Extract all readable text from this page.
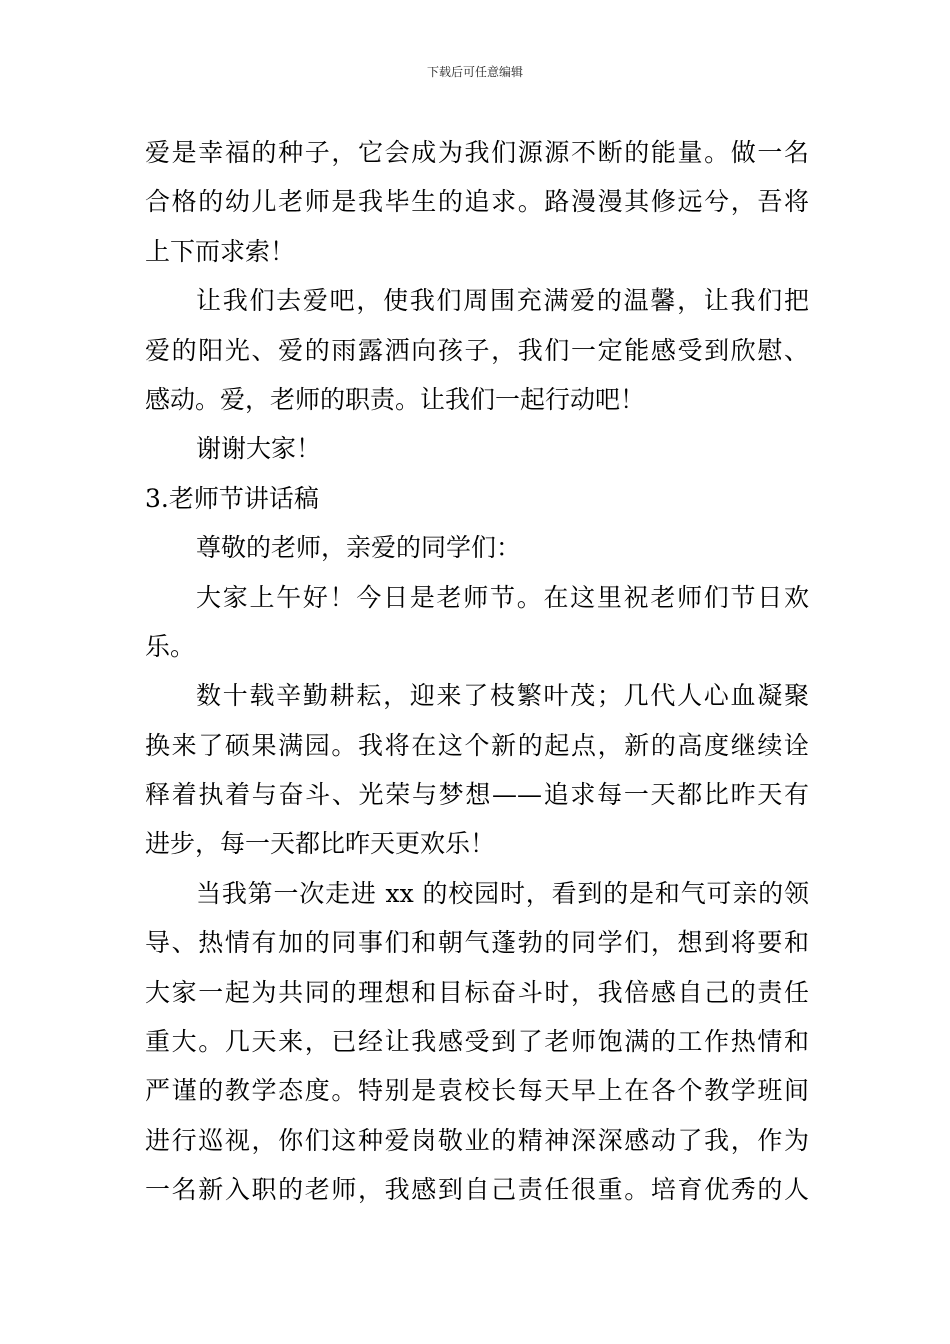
下载后可任意编辑
爱是幸福的种子，它会成为我们源源不断的能量。做一名
合格的幼儿老师是我毕生的追求。路漫漫其修远兮，吾将
上下而求索！
让我们去爱吧，使我们周围充满爱的温馨，让我们把
爱的阳光、爱的雨露洒向孩子，我们一定能感受到欣慰、
感动。爱，老师的职责。让我们一起行动吧！
谢谢大家！
3.老师节讲话稿
尊敬的老师，亲爱的同学们：
大家上午好！今日是老师节。在这里祝老师们节日欢
乐。
数十载辛勤耕耘，迎来了枝繁叶茂；几代人心血凝聚
换来了硕果满园。我将在这个新的起点，新的高度继续诠
释着执着与奋斗、光荣与梦想——追求每一天都比昨天有
进步，每一天都比昨天更欢乐！
当我第一次走进 xx 的校园时，看到的是和气可亲的领
导、热情有加的同事们和朝气蓬勃的同学们，想到将要和
大家一起为共同的理想和目标奋斗时，我倍感自己的责任
重大。几天来，已经让我感受到了老师饱满的工作热情和
严谨的教学态度。特别是袁校长每天早上在各个教学班间
进行巡视，你们这种爱岗敬业的精神深深感动了我，作为
一名新入职的老师，我感到自己责任很重。培育优秀的人
